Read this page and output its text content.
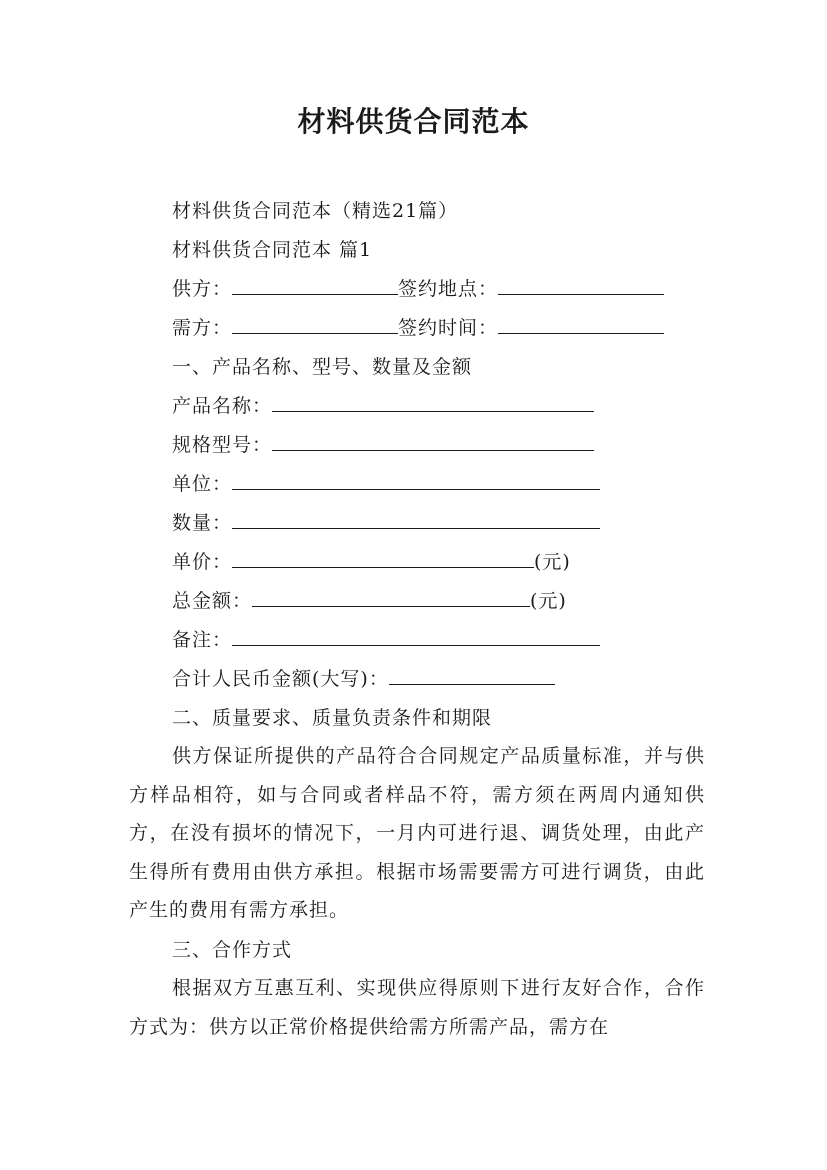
材料供货合同范本
材料供货合同范本（精选21篇）
材料供货合同范本 篇1
供方：	签约地点：
需方：	签约时间：
一、产品名称、型号、数量及金额
产品名称：
规格型号：
单位：
数量：
单价：	(元)
总金额：	(元)
备注：
合计人民币金额(大写)：
二、质量要求、质量负责条件和期限
供方保证所提供的产品符合合同规定产品质量标准，并与供方样品相符，如与合同或者样品不符，需方须在两周内通知供方，在没有损坏的情况下，一月内可进行退、调货处理，由此产生得所有费用由供方承担。根据市场需要需方可进行调货，由此产生的费用有需方承担。
三、合作方式
根据双方互惠互利、实现供应得原则下进行友好合作，合作方式为：供方以正常价格提供给需方所需产品，需方在
